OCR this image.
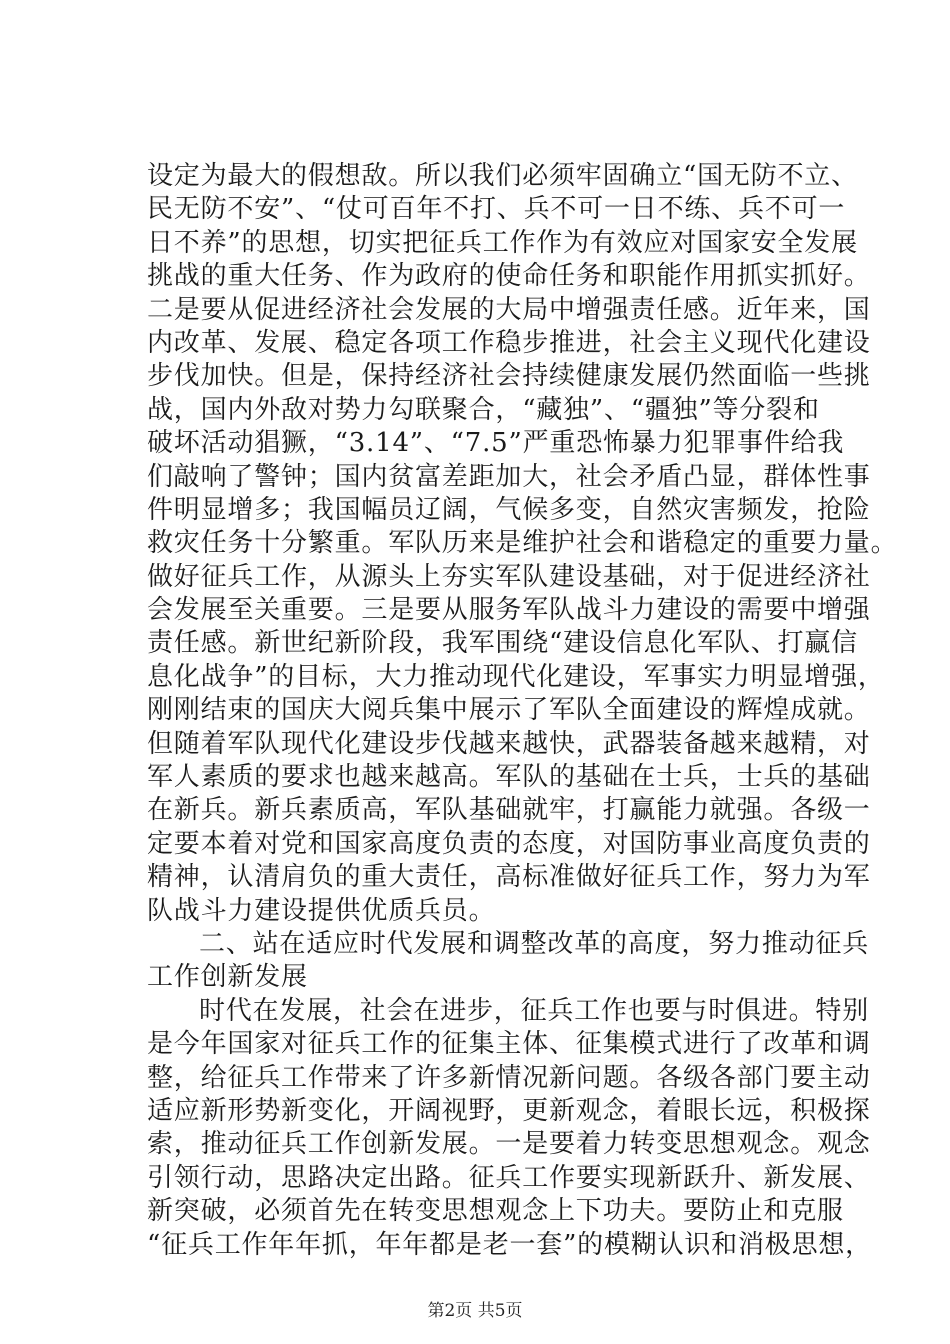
设定为最大的假想敌。所以我们必须牢固确立“国无防不立、
民无防不安”、“仗可百年不打、兵不可一日不练、兵不可一
日不养”的思想，切实把征兵工作作为有效应对国家安全发展
挑战的重大任务、作为政府的使命任务和职能作用抓实抓好。
二是要从促进经济社会发展的大局中增强责任感。近年来，国
内改革、发展、稳定各项工作稳步推进，社会主义现代化建设
步伐加快。但是，保持经济社会持续健康发展仍然面临一些挑
战，国内外敌对势力勾联聚合，“藏独”、“疆独”等分裂和
破坏活动猖獗，“3.14”、“7.5”严重恐怖暴力犯罪事件给我
们敲响了警钟；国内贫富差距加大，社会矛盾凸显，群体性事
件明显增多；我国幅员辽阔，气候多变，自然灾害频发，抢险
救灾任务十分繁重。军队历来是维护社会和谐稳定的重要力量。
做好征兵工作，从源头上夯实军队建设基础，对于促进经济社
会发展至关重要。三是要从服务军队战斗力建设的需要中增强
责任感。新世纪新阶段，我军围绕“建设信息化军队、打赢信
息化战争”的目标，大力推动现代化建设，军事实力明显增强，
刚刚结束的国庆大阅兵集中展示了军队全面建设的辉煌成就。
但随着军队现代化建设步伐越来越快，武器装备越来越精，对
军人素质的要求也越来越高。军队的基础在士兵，士兵的基础
在新兵。新兵素质高，军队基础就牢，打赢能力就强。各级一
定要本着对党和国家高度负责的态度，对国防事业高度负责的
精神，认清肩负的重大责任，高标准做好征兵工作，努力为军
队战斗力建设提供优质兵员。
二、站在适应时代发展和调整改革的高度，努力推动征兵
工作创新发展
时代在发展，社会在进步，征兵工作也要与时俱进。特别
是今年国家对征兵工作的征集主体、征集模式进行了改革和调
整，给征兵工作带来了许多新情况新问题。各级各部门要主动
适应新形势新变化，开阔视野，更新观念，着眼长远，积极探
索，推动征兵工作创新发展。一是要着力转变思想观念。观念
引领行动，思路决定出路。征兵工作要实现新跃升、新发展、
新突破，必须首先在转变思想观念上下功夫。要防止和克服
“征兵工作年年抓，年年都是老一套”的模糊认识和消极思想，
第2页 共5页
